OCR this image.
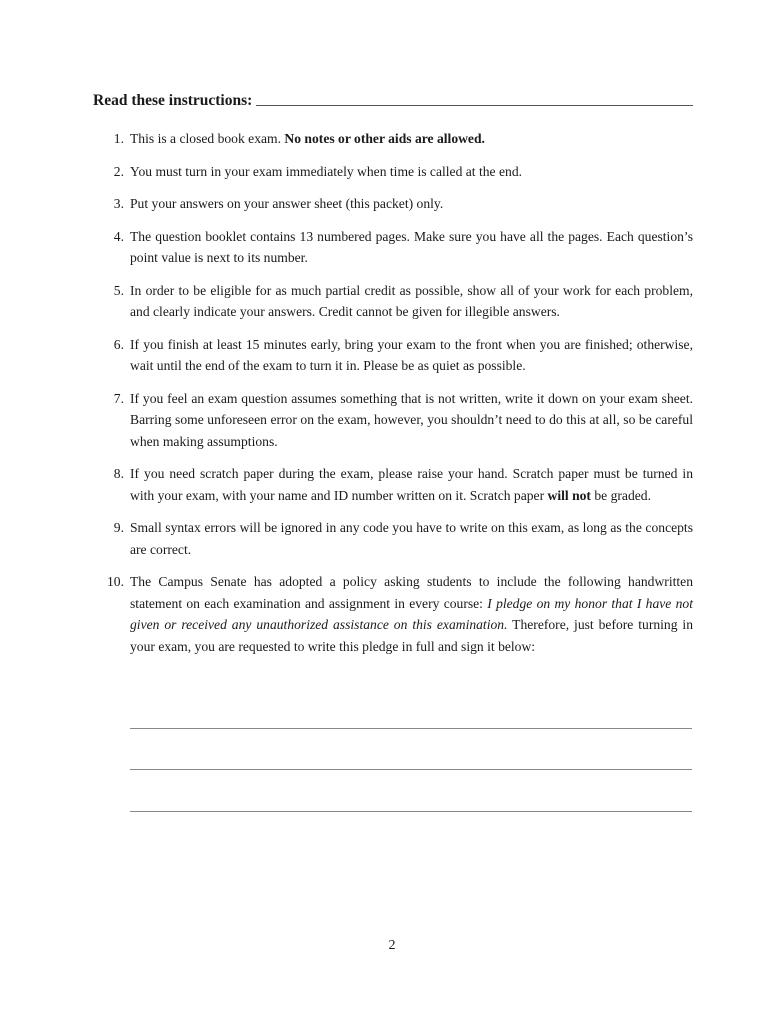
Read these instructions:
1. This is a closed book exam. No notes or other aids are allowed.
2. You must turn in your exam immediately when time is called at the end.
3. Put your answers on your answer sheet (this packet) only.
4. The question booklet contains 13 numbered pages. Make sure you have all the pages. Each question’s point value is next to its number.
5. In order to be eligible for as much partial credit as possible, show all of your work for each problem, and clearly indicate your answers. Credit cannot be given for illegible answers.
6. If you finish at least 15 minutes early, bring your exam to the front when you are finished; otherwise, wait until the end of the exam to turn it in. Please be as quiet as possible.
7. If you feel an exam question assumes something that is not written, write it down on your exam sheet. Barring some unforeseen error on the exam, however, you shouldn’t need to do this at all, so be careful when making assumptions.
8. If you need scratch paper during the exam, please raise your hand. Scratch paper must be turned in with your exam, with your name and ID number written on it. Scratch paper will not be graded.
9. Small syntax errors will be ignored in any code you have to write on this exam, as long as the concepts are correct.
10. The Campus Senate has adopted a policy asking students to include the following handwritten statement on each examination and assignment in every course: I pledge on my honor that I have not given or received any unauthorized assistance on this examination. Therefore, just before turning in your exam, you are requested to write this pledge in full and sign it below:
2
